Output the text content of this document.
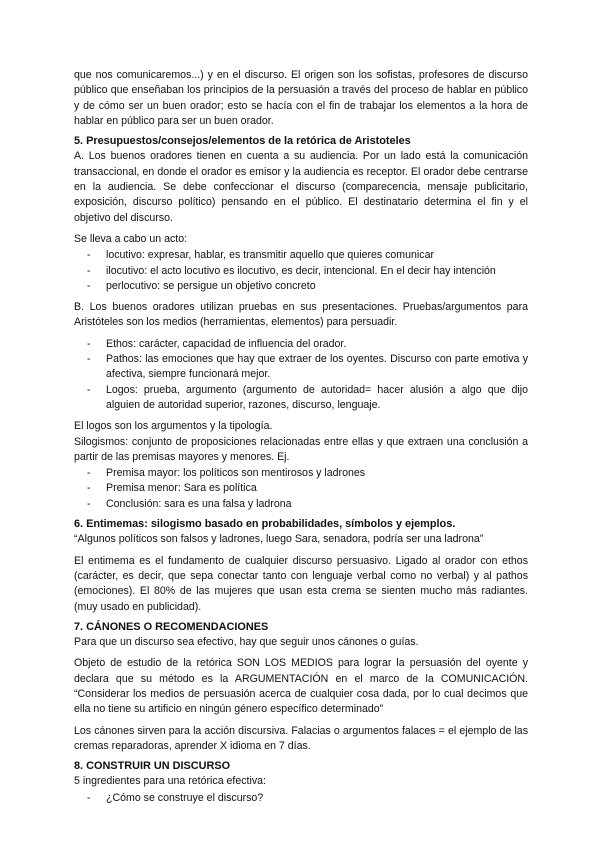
que nos comunicaremos...) y en el discurso. El origen son los sofistas, profesores de discurso público que enseñaban los principios de la persuasión a través del proceso de hablar en público y de cómo ser un buen orador; esto se hacía con el fin de trabajar los elementos a la hora de hablar en público para ser un buen orador.

5. Presupuestos/consejos/elementos de la retórica de Aristoteles

A. Los buenos oradores tienen en cuenta a su audiencia. Por un lado está la comunicación transaccional, en donde el orador es emisor y la audiencia es receptor. El orador debe centrarse en la audiencia. Se debe confeccionar el discurso (comparecencia, mensaje publicitario, exposición, discurso político) pensando en el público. El destinatario determina el fin y el objetivo del discurso.

Se lleva a cabo un acto:

- locutivo: expresar, hablar, es transmitir aquello que quieres comunicar
- ilocutivo: el acto locutivo es ilocutivo, es decir, intencional. En el decir hay intención
- perlocutivo: se persigue un objetivo concreto

B. Los buenos oradores utilizan pruebas en sus presentaciones. Pruebas/argumentos para Aristóteles son los medios (herramientas, elementos) para persuadir.

- Ethos: carácter, capacidad de influencia del orador.
- Pathos: las emociones que hay que extraer de los oyentes. Discurso con parte emotiva y afectiva, siempre funcionará mejor.
- Logos: prueba, argumento (argumento de autoridad= hacer alusión a algo que dijo alguien de autoridad superior, razones, discurso, lenguaje.

El logos son los argumentos y la tipología.

Silogismos: conjunto de proposiciones relacionadas entre ellas y que extraen una conclusión a partir de las premisas mayores y menores. Ej.

- Premisa mayor: los políticos son mentirosos y ladrones
- Premisa menor: Sara es política
- Conclusión: sara es una falsa y ladrona
6. Entimemas: silogismo basado en probabilidades, símbolos y ejemplos.

“Algunos políticos son falsos y ladrones, luego Sara, senadora, podría ser una ladrona”

El entimema es el fundamento de cualquier discurso persuasivo. Ligado al orador con ethos (carácter, es decir, que sepa conectar tanto con lenguaje verbal como no verbal) y al pathos (emociones). El 80% de las mujeres que usan esta crema se sienten mucho más radiantes. (muy usado en publicidad).

7. CÁNONES O RECOMENDACIONES

Para que un discurso sea efectivo, hay que seguir unos cánones o guías.

Objeto de estudio de la retórica SON LOS MEDIOS para lograr la persuasión del oyente y declara que su método es la ARGUMENTACIÓN en el marco de la COMUNICACIÓN. “Considerar los medios de persuasión acerca de cualquier cosa dada, por lo cual decimos que ella no tiene su artificio en ningún género específico determinado”

Los cánones sirven para la acción discursiva. Falacias o argumentos falaces = el ejemplo de las cremas reparadoras, aprender X idioma en 7 días.

8. CONSTRUIR UN DISCURSO

5 ingredientes para una retórica efectiva:

- ¿Cómo se construye el discurso?
